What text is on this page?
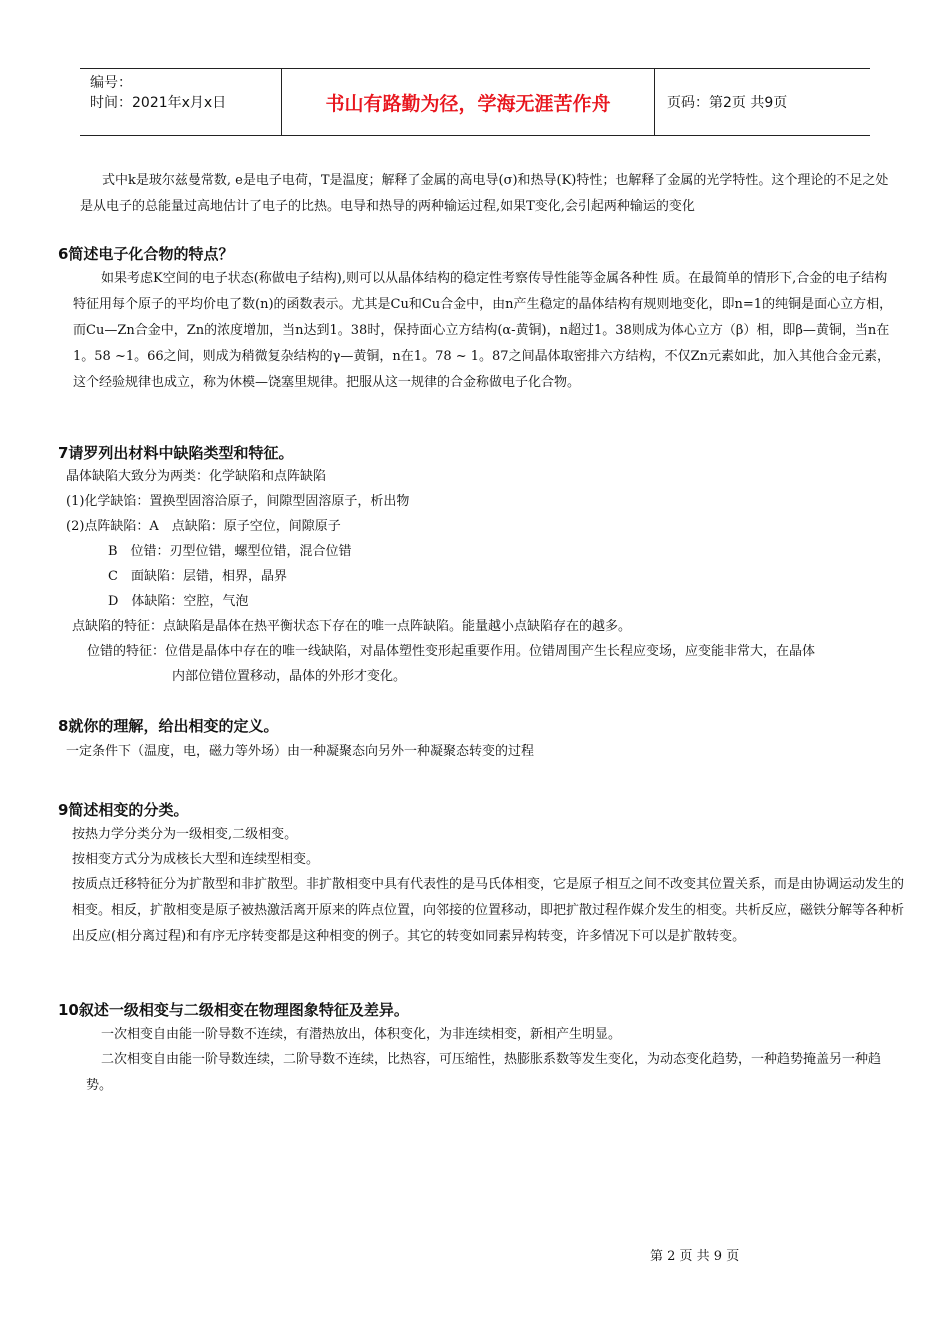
编号：
时间：2021年x月x日	书山有路勤为径，学海无涯苦作舟	页码：第2页 共9页

式中k是玻尔兹曼常数, e是电子电荷，T是温度；解释了金属的高电导(σ)和热导(K)特性；也解释了金属的光学特性。这个理论的不足之处是从电子的总能量过高地估计了电子的比热。电导和热导的两种输运过程,如果T变化,会引起两种输运的变化

6简述电子化合物的特点？

如果考虑K空间的电子状态(称做电子结构),则可以从晶体结构的稳定性考察传导性能等金属各种性 质。在最简单的情形下,合金的电子结构特征用每个原子的平均价电了数(n)的函数表示。尤其是Cu和Cu合金中，由n产生稳定的晶体结构有规则地变化，即n=1的纯铜是面心立方相，而Cu—Zn合金中，Zn的浓度增加，当n达到1。38时，保持面心立方结构(α-黄铜)，n超过1。38则成为体心立方（β）相，即β—黄铜，当n在1。58 ~1。66之间，则成为稍微复杂结构的γ—黄铜，n在1。78 ~ 1。87之间晶体取密排六方结构，不仅Zn元素如此，加入其他合金元素，这个经验规律也成立，称为休模—饶塞里规律。把服从这一规律的合金称做电子化合物。

7请罗列出材料中缺陷类型和特征。

晶体缺陷大致分为两类：化学缺陷和点阵缺陷

(1)化学缺馅：置换型固溶洽原子，间隙型固溶原子，析出物

(2)点阵缺陷：A　点缺陷：原子空位，间隙原子

B　位错：刃型位错，螺型位错，混合位错

C　面缺陷：层错，相界，晶界

D　体缺陷：空腔，气泡

点缺陷的特征：点缺陷是晶体在热平衡状态下存在的唯一点阵缺陷。能量越小点缺陷存在的越多。

位错的特征：位借是晶体中存在的唯一线缺陷，对晶体塑性变形起重要作用。位错周围产生长程应变场，应变能非常大，在晶体

内部位错位置移动，晶体的外形才变化。

8就你的理解，给出相变的定义。

一定条件下（温度，电，磁力等外场）由一种凝聚态向另外一种凝聚态转变的过程

9简述相变的分类。

按热力学分类分为一级相变,二级相变。

按相变方式分为成核长大型和连续型相变。

按质点迁移特征分为扩散型和非扩散型。非扩散相变中具有代表性的是马氏体相变，它是原子相互之间不改变其位置关系，而是由协调运动发生的相变。相反，扩散相变是原子被热激活离开原来的阵点位置，向邻接的位置移动，即把扩散过程作媒介发生的相变。共析反应，磁铁分解等各种析出反应(相分离过程)和有序无序转变都是这种相变的例子。其它的转变如同素异构转变，许多情况下可以是扩散转变。

10叙述一级相变与二级相变在物理图象特征及差异。

一次相变自由能一阶导数不连续，有潜热放出，体积变化，为非连续相变，新相产生明显。

二次相变自由能一阶导数连续，二阶导数不连续，比热容，可压缩性，热膨胀系数等发生变化，为动态变化趋势，一种趋势掩盖另一种趋势。

第 2 页 共 9 页
